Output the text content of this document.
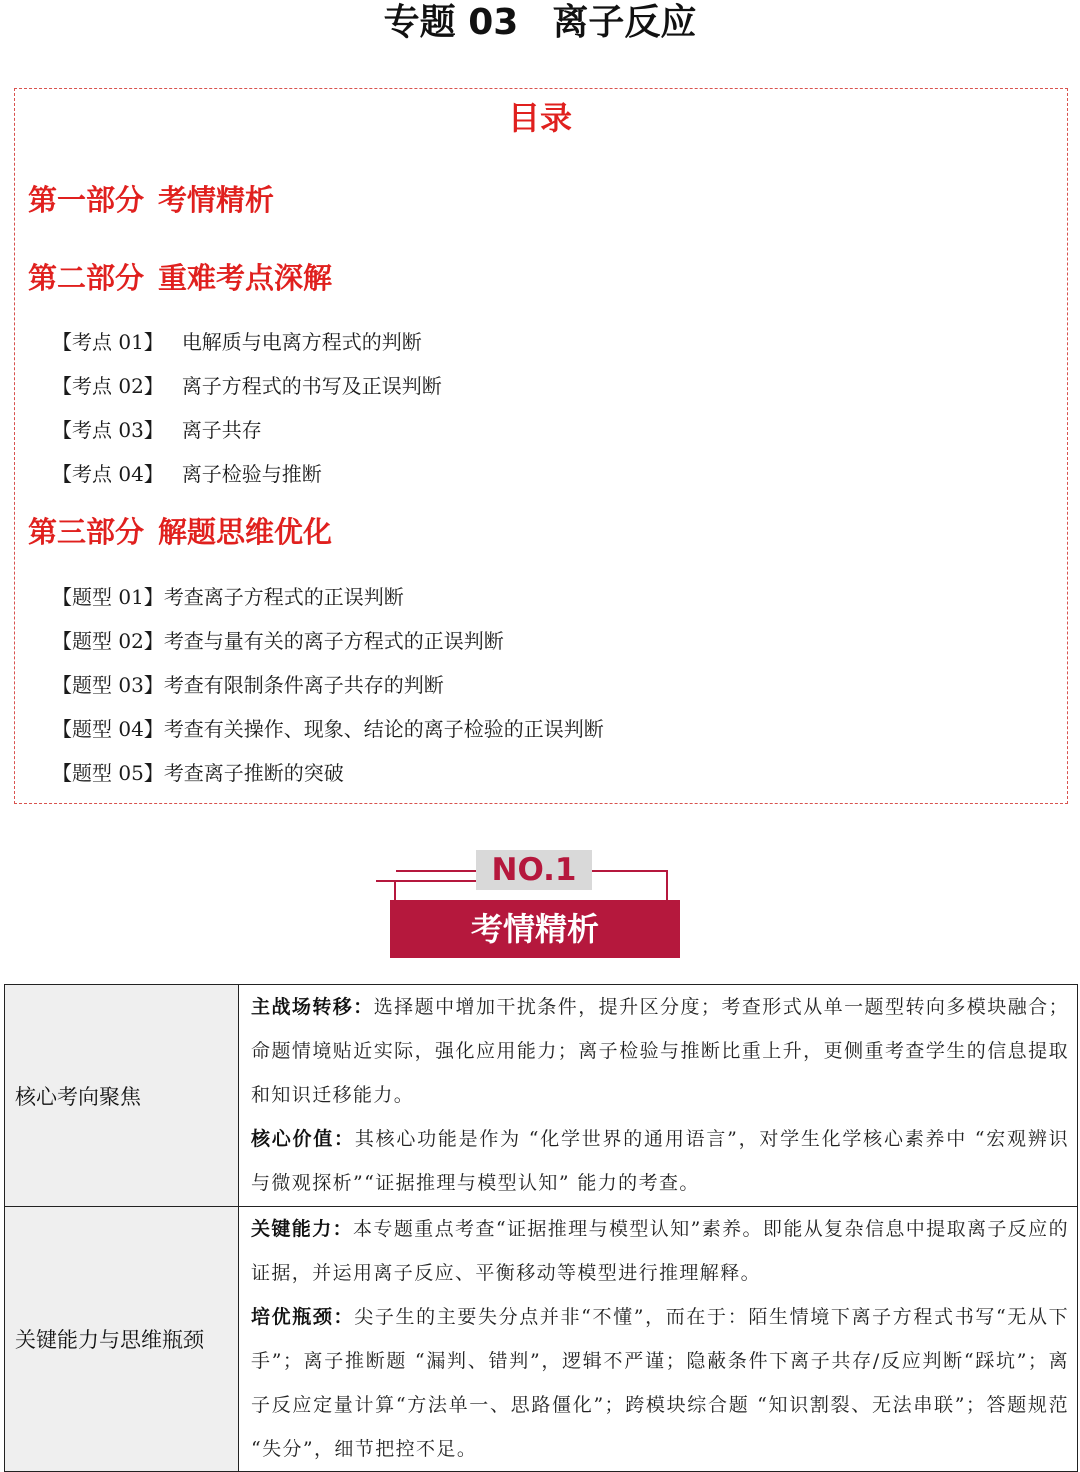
专题 03 离子反应
目录
第一部分 考情精析
第二部分 重难考点深解
【考点 01】 电解质与电离方程式的判断
【考点 02】 离子方程式的书写及正误判断
【考点 03】 离子共存
【考点 04】 离子检验与推断
第三部分 解题思维优化
【题型 01】考查离子方程式的正误判断
【题型 02】考查与量有关的离子方程式的正误判断
【题型 03】考查有限制条件离子共存的判断
【题型 04】考查有关操作、现象、结论的离子检验的正误判断
【题型 05】考查离子推断的突破
NO.1
考情精析
核心考向聚焦	主战场转移：选择题中增加干扰条件，提升区分度；考查形式从单一题型转向多模块融合；命题情境贴近实际，强化应用能力；离子检验与推断比重上升，更侧重考查学生的信息提取和知识迁移能力。

核心价值：其核心功能是作为 “化学世界的通用语言”，对学生化学核心素养中 “宏观辨识与微观探析”“证据推理与模型认知” 能力的考查。

关键能力与思维瓶颈	关键能力：本专题重点考查“证据推理与模型认知”素养。即能从复杂信息中提取离子反应的证据，并运用离子反应、平衡移动等模型进行推理解释。

培优瓶颈：尖子生的主要失分点并非“不懂”，而在于：陌生情境下离子方程式书写“无从下手”；离子推断题 “漏判、错判”，逻辑不严谨；隐蔽条件下离子共存/反应判断“踩坑”；离子反应定量计算“方法单一、思路僵化”；跨模块综合题 “知识割裂、无法串联”；答题规范 “失分”，细节把控不足。
